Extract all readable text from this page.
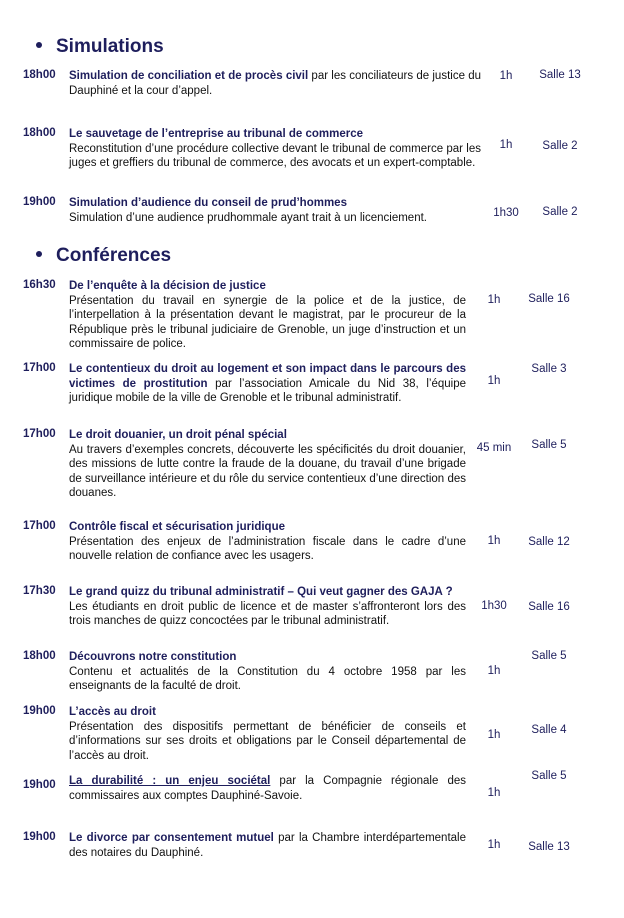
Simulations
18h00 Simulation de conciliation et de procès civil par les conciliateurs de justice du Dauphiné et la cour d’appel.
1h	Salle 13
18h00 Le sauvetage de l’entreprise au tribunal de commerce
Reconstitution d’une procédure collective devant le tribunal de commerce par les juges et greffiers du tribunal de commerce, des avocats et un expert-comptable.
1h	Salle 2
19h00 Simulation d’audience du conseil de prud’hommes
Simulation d’une audience prudhommale ayant trait à un licenciement.	1h30	Salle 2
Conférences
16h30 De l’enquête à la décision de justice
Présentation du travail en synergie de la police et de la justice, de l’interpellation à la présentation devant le magistrat, par le procureur de la République près le tribunal judiciaire de Grenoble, un juge d’instruction et un commissaire de police.
1h	Salle 16
17h00 Le contentieux du droit au logement et son impact dans le parcours des victimes de prostitution par l’association Amicale du Nid 38, l’équipe juridique mobile de la ville de Grenoble et le tribunal administratif.
1h
Salle 3
17h00 Le droit douanier, un droit pénal spécial
Au travers d’exemples concrets, découverte les spécificités du droit douanier, des missions de lutte contre la fraude de la douane, du travail d’une brigade de surveillance intérieure et du rôle du service contentieux d’une direction des douanes.
45 min	Salle 5
17h00 Contrôle fiscal et sécurisation juridique
Présentation des enjeux de l’administration fiscale dans le cadre d’une nouvelle relation de confiance avec les usagers.
1h	Salle 12
17h30 Le grand quizz du tribunal administratif – Qui veut gagner des GAJA ?
Les étudiants en droit public de licence et de master s’affronteront lors des trois manches de quizz concoctées par le tribunal administratif.
1h30	Salle 16
18h00 Découvrons notre constitution
Contenu et actualités de la Constitution du 4 octobre 1958 par les enseignants de la faculté de droit.
1h
Salle 5
19h00 L’accès au droit
Présentation des dispositifs permettant de bénéficier de conseils et d’informations sur ses droits et obligations par le Conseil départemental de l’accès au droit.
1h	Salle 4
19h00 La durabilité : un enjeu sociétal par la Compagnie régionale des commissaires aux comptes Dauphiné-Savoie.	1h
Salle 5
19h00 Le divorce par consentement mutuel par la Chambre interdépartementale des notaires du Dauphiné.
1h	Salle 13
